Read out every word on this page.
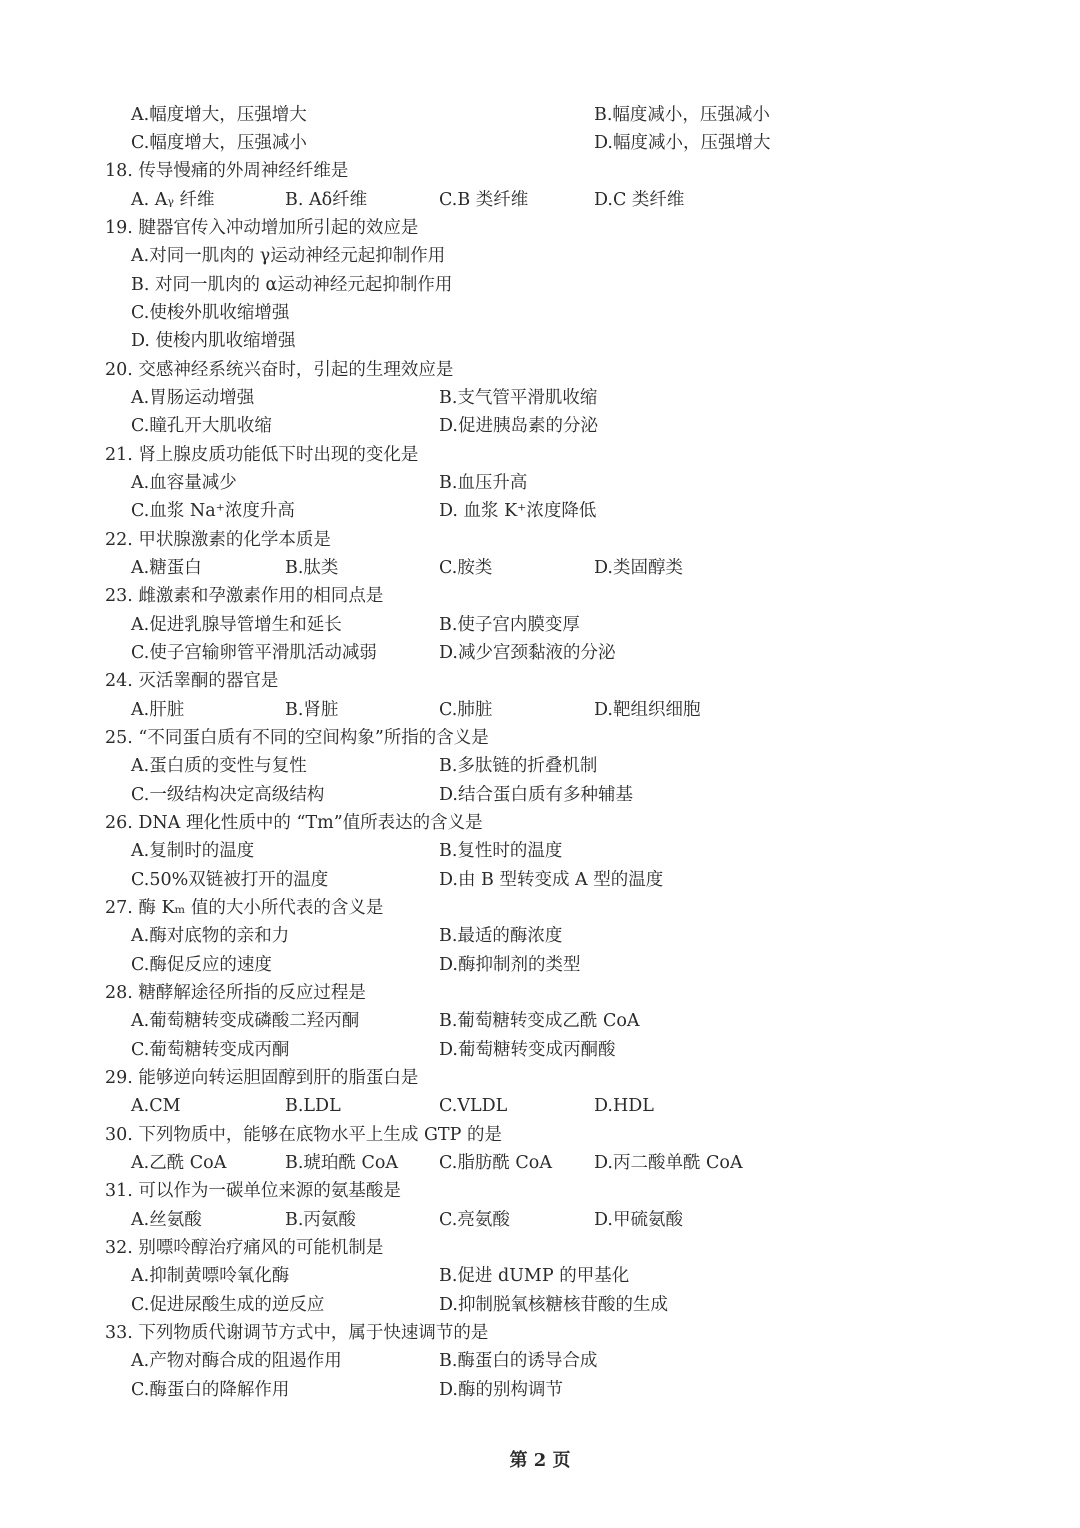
A.幅度增大，压强增大	B.幅度减小，压强减小
C.幅度增大，压强减小	D.幅度减小，压强增大
18. 传导慢痛的外周神经纤维是
A. Aᵧ 纤维	B. Aδ纤维	C.B 类纤维	D.C 类纤维
19. 腱器官传入冲动增加所引起的效应是
A.对同一肌肉的 γ运动神经元起抑制作用
B. 对同一肌肉的 α运动神经元起抑制作用
C.使梭外肌收缩增强
D. 使梭内肌收缩增强
20. 交感神经系统兴奋时，引起的生理效应是
A.胃肠运动增强	B.支气管平滑肌收缩
C.瞳孔开大肌收缩	D.促进胰岛素的分泌
21. 肾上腺皮质功能低下时出现的变化是
A.血容量减少	B.血压升高
C.血浆 Na⁺浓度升高	D. 血浆 K⁺浓度降低
22. 甲状腺激素的化学本质是
A.糖蛋白	B.肽类	C.胺类	D.类固醇类
23. 雌激素和孕激素作用的相同点是
A.促进乳腺导管增生和延长	B.使子宫内膜变厚
C.使子宫输卵管平滑肌活动减弱	D.减少宫颈黏液的分泌
24. 灭活睾酮的器官是
A.肝脏	B.肾脏	C.肺脏	D.靶组织细胞
25. “不同蛋白质有不同的空间构象”所指的含义是
A.蛋白质的变性与复性	B.多肽链的折叠机制
C.一级结构决定高级结构	D.结合蛋白质有多种辅基
26. DNA 理化性质中的 “Tm”值所表达的含义是
A.复制时的温度	B.复性时的温度
C.50%双链被打开的温度	D.由 B 型转变成 A 型的温度
27. 酶 Kₘ 值的大小所代表的含义是
A.酶对底物的亲和力	B.最适的酶浓度
C.酶促反应的速度	D.酶抑制剂的类型
28. 糖酵解途径所指的反应过程是
A.葡萄糖转变成磷酸二羟丙酮	B.葡萄糖转变成乙酰 CoA
C.葡萄糖转变成丙酮	D.葡萄糖转变成丙酮酸
29. 能够逆向转运胆固醇到肝的脂蛋白是
A.CM	B.LDL	C.VLDL	D.HDL
30. 下列物质中，能够在底物水平上生成 GTP 的是
A.乙酰 CoA	B.琥珀酰 CoA C.脂肪酰 CoA D.丙二酸单酰 CoA
31. 可以作为一碳单位来源的氨基酸是
A.丝氨酸	B.丙氨酸	C.亮氨酸	D.甲硫氨酸
32. 别嘌呤醇治疗痛风的可能机制是
A.抑制黄嘌呤氧化酶	B.促进 dUMP 的甲基化
C.促进尿酸生成的逆反应	D.抑制脱氧核糖核苷酸的生成
33. 下列物质代谢调节方式中，属于快速调节的是
A.产物对酶合成的阻遏作用	B.酶蛋白的诱导合成
C.酶蛋白的降解作用	D.酶的别构调节
第 2 页
